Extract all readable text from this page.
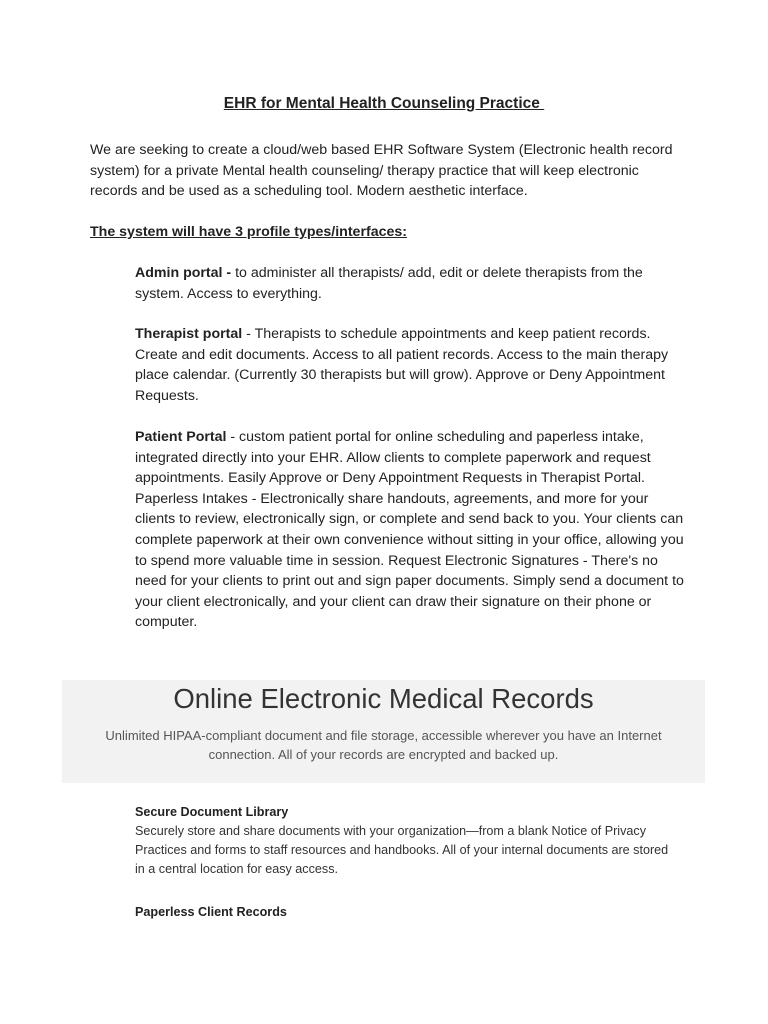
EHR for Mental Health Counseling Practice
We are seeking to create a cloud/web based EHR Software System (Electronic health record system) for a private Mental health counseling/ therapy practice that will keep electronic records and be used as a scheduling tool. Modern aesthetic interface.
The system will have 3 profile types/interfaces:
Admin portal - to administer all therapists/ add, edit or delete therapists from the system. Access to everything.
Therapist portal - Therapists to schedule appointments and keep patient records. Create and edit documents. Access to all patient records. Access to the main therapy place calendar. (Currently 30 therapists but will grow). Approve or Deny Appointment Requests.
Patient Portal - custom patient portal for online scheduling and paperless intake, integrated directly into your EHR. Allow clients to complete paperwork and request appointments. Easily Approve or Deny Appointment Requests in Therapist Portal. Paperless Intakes - Electronically share handouts, agreements, and more for your clients to review, electronically sign, or complete and send back to you. Your clients can complete paperwork at their own convenience without sitting in your office, allowing you to spend more valuable time in session. Request Electronic Signatures - There's no need for your clients to print out and sign paper documents. Simply send a document to your client electronically, and your client can draw their signature on their phone or computer.
Online Electronic Medical Records
Unlimited HIPAA-compliant document and file storage, accessible wherever you have an Internet connection. All of your records are encrypted and backed up.
Secure Document Library
Securely store and share documents with your organization—from a blank Notice of Privacy Practices and forms to staff resources and handbooks. All of your internal documents are stored in a central location for easy access.
Paperless Client Records
